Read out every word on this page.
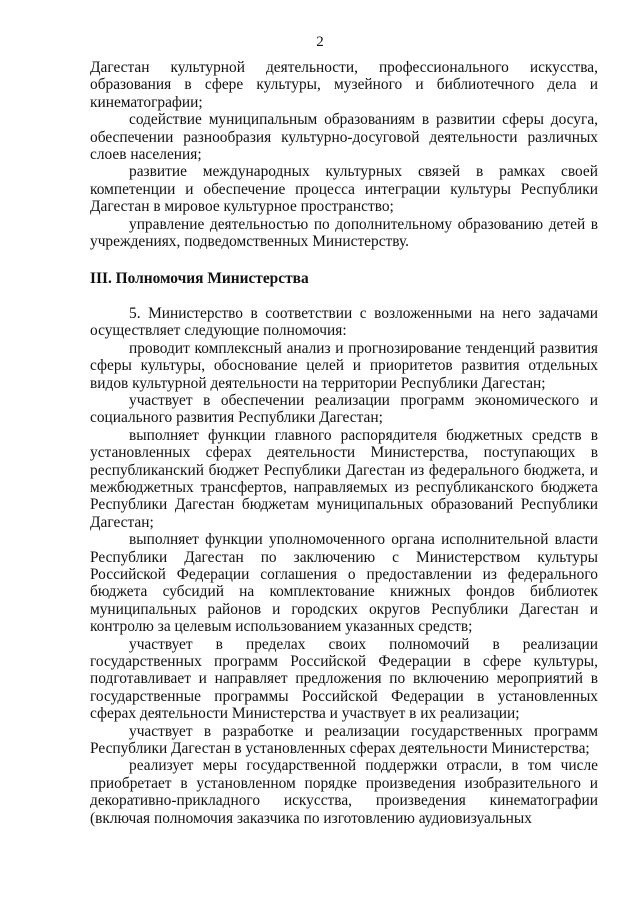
2

Дагестан культурной деятельности, профессионального искусства, образования в сфере культуры, музейного и библиотечного дела и кинематографии;

содействие муниципальным образованиям в развитии сферы досуга, обеспечении разнообразия культурно-досуговой деятельности различных слоев населения;

развитие международных культурных связей в рамках своей компетенции и обеспечение процесса интеграции культуры Республики Дагестан в мировое культурное пространство;

управление деятельностью по дополнительному образованию детей в учреждениях, подведомственных Министерству.

III. Полномочия Министерства

5. Министерство в соответствии с возложенными на него задачами осуществляет следующие полномочия:

проводит комплексный анализ и прогнозирование тенденций развития сферы культуры, обоснование целей и приоритетов развития отдельных видов культурной деятельности на территории Республики Дагестан;

участвует в обеспечении реализации программ экономического и социального развития Республики Дагестан;

выполняет функции главного распорядителя бюджетных средств в установленных сферах деятельности Министерства, поступающих в республиканский бюджет Республики Дагестан из федерального бюджета, и межбюджетных трансфертов, направляемых из республиканского бюджета Республики Дагестан бюджетам муниципальных образований Республики Дагестан;

выполняет функции уполномоченного органа исполнительной власти Республики Дагестан по заключению с Министерством культуры Российской Федерации соглашения о предоставлении из федерального бюджета субсидий на комплектование книжных фондов библиотек муниципальных районов и городских округов Республики Дагестан и контролю за целевым использованием указанных средств;

участвует в пределах своих полномочий в реализации государственных программ Российской Федерации в сфере культуры, подготавливает и направляет предложения по включению мероприятий в государственные программы Российской Федерации в установленных сферах деятельности Министерства и участвует в их реализации;

участвует в разработке и реализации государственных программ Республики Дагестан в установленных сферах деятельности Министерства;

реализует меры государственной поддержки отрасли, в том числе приобретает в установленном порядке произведения изобразительного и декоративно-прикладного искусства, произведения кинематографии (включая полномочия заказчика по изготовлению аудиовизуальных
